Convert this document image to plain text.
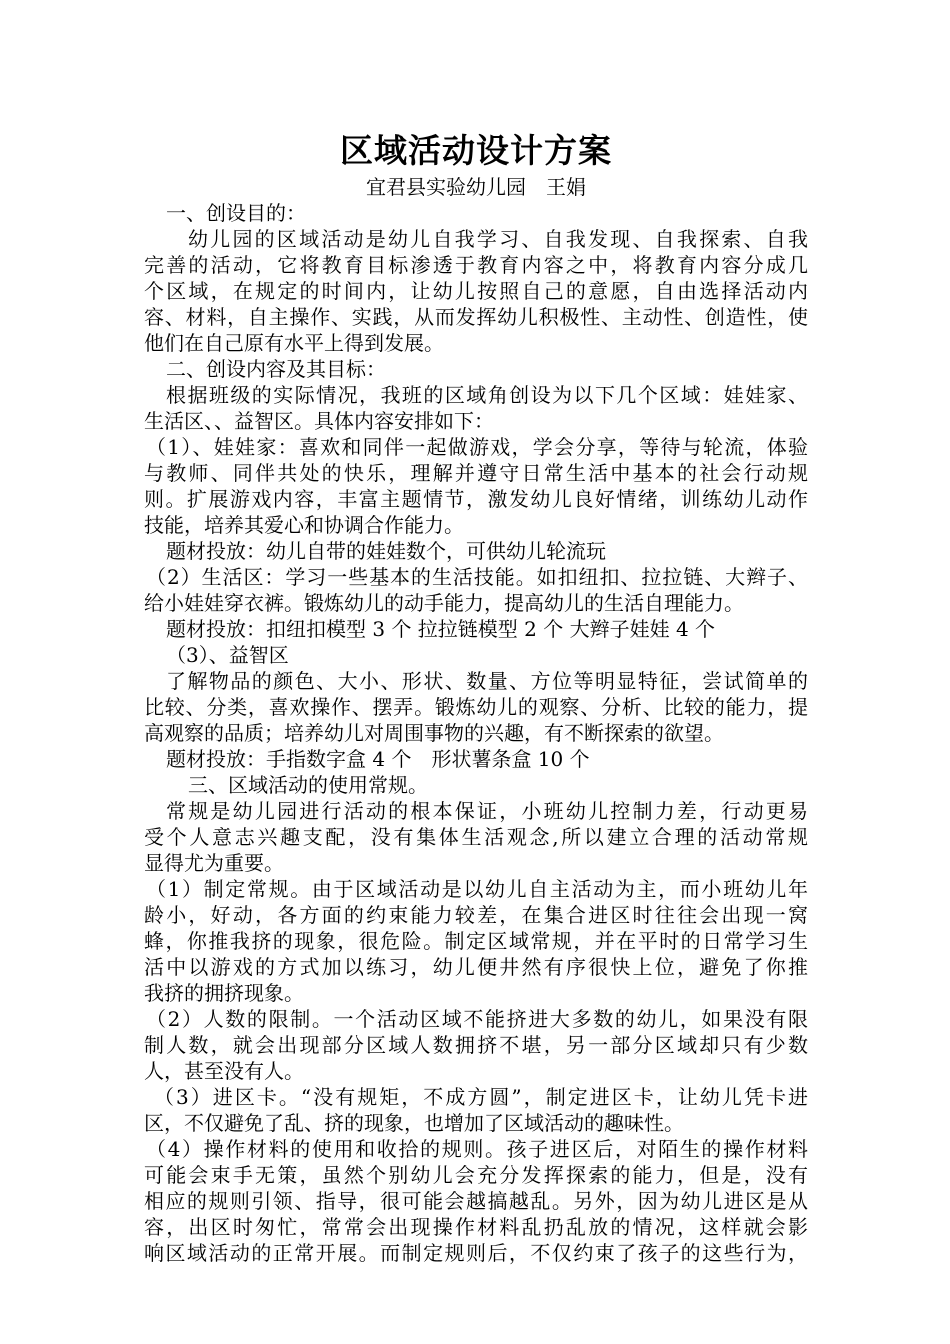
区域活动设计方案
宜君县实验幼儿园　王娟
一、创设目的：
幼儿园的区域活动是幼儿自我学习、自我发现、自我探索、自我
完善的活动，它将教育目标渗透于教育内容之中，将教育内容分成几
个区域，在规定的时间内，让幼儿按照自己的意愿，自由选择活动内
容、材料，自主操作、实践，从而发挥幼儿积极性、主动性、创造性，使
他们在自己原有水平上得到发展。
二、创设内容及其目标：
根据班级的实际情况，我班的区域角创设为以下几个区域：娃娃家、
生活区、、益智区。具体内容安排如下：
（1）、娃娃家：喜欢和同伴一起做游戏，学会分享，等待与轮流，体验
与教师、同伴共处的快乐，理解并遵守日常生活中基本的社会行动规
则。扩展游戏内容，丰富主题情节，激发幼儿良好情绪，训练幼儿动作
技能，培养其爱心和协调合作能力。
题材投放：幼儿自带的娃娃数个，可供幼儿轮流玩
（2）生活区：学习一些基本的生活技能。如扣纽扣、拉拉链、大辫子、
给小娃娃穿衣裤。锻炼幼儿的动手能力，提高幼儿的生活自理能力。
题材投放：扣纽扣模型 3 个 拉拉链模型 2 个 大辫子娃娃 4 个
（3）、益智区
了解物品的颜色、大小、形状、数量、方位等明显特征，尝试简单的
比较、分类，喜欢操作、摆弄。锻炼幼儿的观察、分析、比较的能力，提
高观察的品质；培养幼儿对周围事物的兴趣，有不断探索的欲望。
题材投放：手指数字盒 4 个　形状薯条盒 10 个
三、区域活动的使用常规。
常规是幼儿园进行活动的根本保证，小班幼儿控制力差，行动更易
受个人意志兴趣支配，没有集体生活观念,所以建立合理的活动常规
显得尤为重要。
（1）制定常规。由于区域活动是以幼儿自主活动为主，而小班幼儿年
龄小，好动，各方面的约束能力较差，在集合进区时往往会出现一窝
蜂，你推我挤的现象，很危险。制定区域常规，并在平时的日常学习生
活中以游戏的方式加以练习，幼儿便井然有序很快上位，避免了你推
我挤的拥挤现象。
（2）人数的限制。一个活动区域不能挤进大多数的幼儿，如果没有限
制人数，就会出现部分区域人数拥挤不堪，另一部分区域却只有少数
人，甚至没有人。
（3）进区卡。“没有规矩，不成方圆”，制定进区卡，让幼儿凭卡进
区，不仅避免了乱、挤的现象，也增加了区域活动的趣味性。
（4）操作材料的使用和收拾的规则。孩子进区后，对陌生的操作材料
可能会束手无策，虽然个别幼儿会充分发挥探索的能力，但是，没有
相应的规则引领、指导，很可能会越搞越乱。另外，因为幼儿进区是从
容，出区时匆忙，常常会出现操作材料乱扔乱放的情况，这样就会影
响区域活动的正常开展。而制定规则后，不仅约束了孩子的这些行为，
